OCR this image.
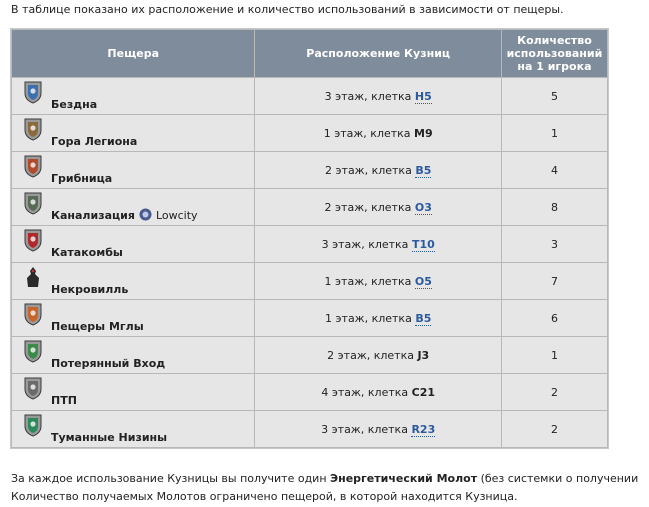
В таблице показано их расположение и количество использований в зависимости от пещеры.
Пещера	Расположение Кузниц	Количество использований на 1 игрока

Бездна	3 этаж, клетка H5	5

Гора Легиона	1 этаж, клетка M9	1

Грибница	2 этаж, клетка B5	4

Канализация Lowcity	2 этаж, клетка O3	8

Катакомбы	3 этаж, клетка T10	3

Некровилль	1 этаж, клетка O5	7

Пещеры Мглы	1 этаж, клетка B5	6

Потерянный Вход	2 этаж, клетка J3	1

ПТП	4 этаж, клетка C21	2

Туманные Низины	3 этаж, клетка R23	2
За каждое использование Кузницы вы получите один Энергетический Молот (без системки о получении
Количество получаемых Молотов ограничено пещерой, в которой находится Кузница.
